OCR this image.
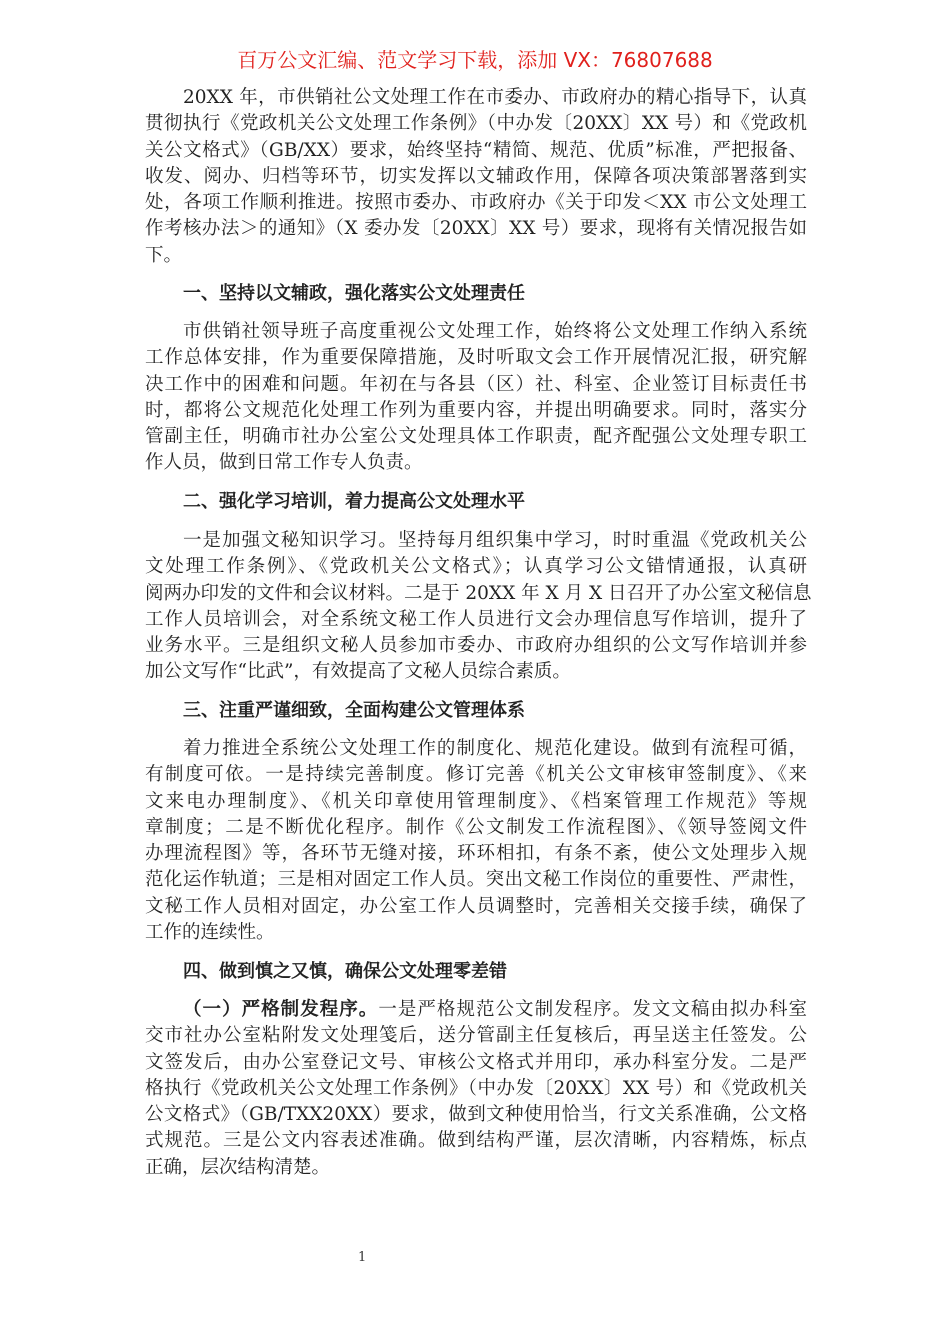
百万公文汇编、范文学习下载，添加 VX：76807688
20XX 年，市供销社公文处理工作在市委办、市政府办的精心指导下，认真
贯彻执行《党政机关公文处理工作条例》（中办发〔20XX〕XX 号）和《党政机
关公文格式》（GB/XX）要求，始终坚持“精简、规范、优质”标准，严把报备、
收发、阅办、归档等环节，切实发挥以文辅政作用，保障各项决策部署落到实
处，各项工作顺利推进。按照市委办、市政府办《关于印发＜XX 市公文处理工
作考核办法＞的通知》（X 委办发〔20XX〕XX 号）要求，现将有关情况报告如
下。
一、坚持以文辅政，强化落实公文处理责任
市供销社领导班子高度重视公文处理工作，始终将公文处理工作纳入系统
工作总体安排，作为重要保障措施，及时听取文会工作开展情况汇报，研究解
决工作中的困难和问题。年初在与各县（区）社、科室、企业签订目标责任书
时，都将公文规范化处理工作列为重要内容，并提出明确要求。同时，落实分
管副主任，明确市社办公室公文处理具体工作职责，配齐配强公文处理专职工
作人员，做到日常工作专人负责。
二、强化学习培训，着力提高公文处理水平
一是加强文秘知识学习。坚持每月组织集中学习，时时重温《党政机关公
文处理工作条例》、《党政机关公文格式》；认真学习公文错情通报，认真研
阅两办印发的文件和会议材料。二是于 20XX 年 X 月 X 日召开了办公室文秘信息
工作人员培训会，对全系统文秘工作人员进行文会办理信息写作培训，提升了
业务水平。三是组织文秘人员参加市委办、市政府办组织的公文写作培训并参
加公文写作“比武”，有效提高了文秘人员综合素质。
三、注重严谨细致，全面构建公文管理体系
着力推进全系统公文处理工作的制度化、规范化建设。做到有流程可循，
有制度可依。一是持续完善制度。修订完善《机关公文审核审签制度》、《来
文来电办理制度》、《机关印章使用管理制度》、《档案管理工作规范》等规
章制度；二是不断优化程序。制作《公文制发工作流程图》、《领导签阅文件
办理流程图》等，各环节无缝对接，环环相扣，有条不紊，使公文处理步入规
范化运作轨道；三是相对固定工作人员。突出文秘工作岗位的重要性、严肃性，
文秘工作人员相对固定，办公室工作人员调整时，完善相关交接手续，确保了
工作的连续性。
四、做到慎之又慎，确保公文处理零差错
（一）严格制发程序。一是严格规范公文制发程序。发文文稿由拟办科室
交市社办公室粘附发文处理笺后，送分管副主任复核后，再呈送主任签发。公
文签发后，由办公室登记文号、审核公文格式并用印，承办科室分发。二是严
格执行《党政机关公文处理工作条例》（中办发〔20XX〕XX 号）和《党政机关
公文格式》（GB/TXX20XX）要求，做到文种使用恰当，行文关系准确，公文格
式规范。三是公文内容表述准确。做到结构严谨，层次清晰，内容精炼，标点
正确，层次结构清楚。
1
